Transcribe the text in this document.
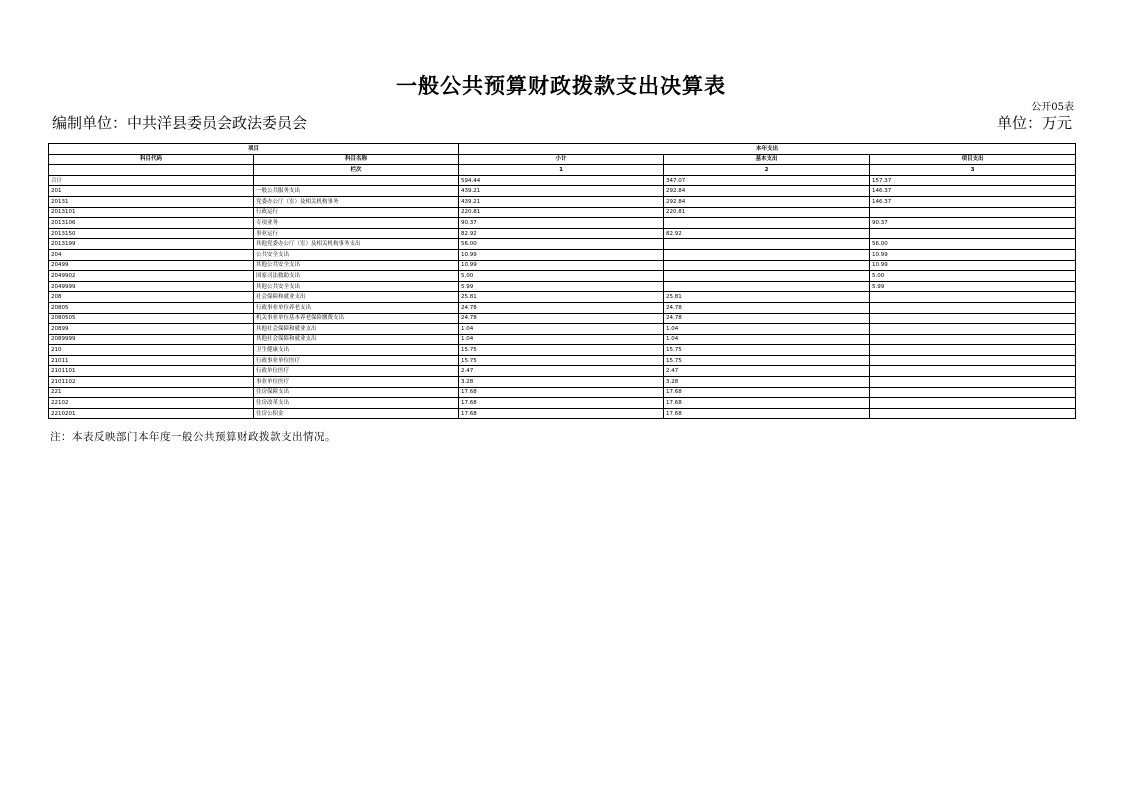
一般公共预算财政拨款支出决算表
公开05表
编制单位：中共洋县委员会政法委员会	单位：万元
项目		本年支出		
科目代码	科目名称	小计	基本支出	项目支出
	栏次	1	2	3
合计		594.44	347.07	157.37
201	一般公共服务支出	439.21	292.84	146.37
20131	党委办公厅（室）及相关机构事务	439.21	292.84	146.37
2013101	行政运行	220.81	220.81	
2013106	专项业务	90.37		90.37
2013150	事业运行	82.92	82.92	
2013199	其他党委办公厅（室）及相关机构事务支出	56.00		56.00
204	公共安全支出	10.99		10.99
20499	其他公共安全支出	10.99		10.99
2049902	国家司法救助支出	5.00		5.00
2049999	其他公共安全支出	5.99		5.99
208	社会保障和就业支出	25.81	25.81	
20805	行政事业单位养老支出	24.78	24.78	
2080505	机关事业单位基本养老保险缴费支出	24.78	24.78	
20899	其他社会保障和就业支出	1.04	1.04	
2089999	其他社会保障和就业支出	1.04	1.04	
210	卫生健康支出	15.75	15.75	
21011	行政事业单位医疗	15.75	15.75	
2101101	行政单位医疗	2.47	2.47	
2101102	事业单位医疗	3.28	3.28	
221	住房保障支出	17.68	17.68	
22102	住房改革支出	17.68	17.68	
2210201	住房公积金	17.68	17.68	
注：本表反映部门本年度一般公共预算财政拨款支出情况。
